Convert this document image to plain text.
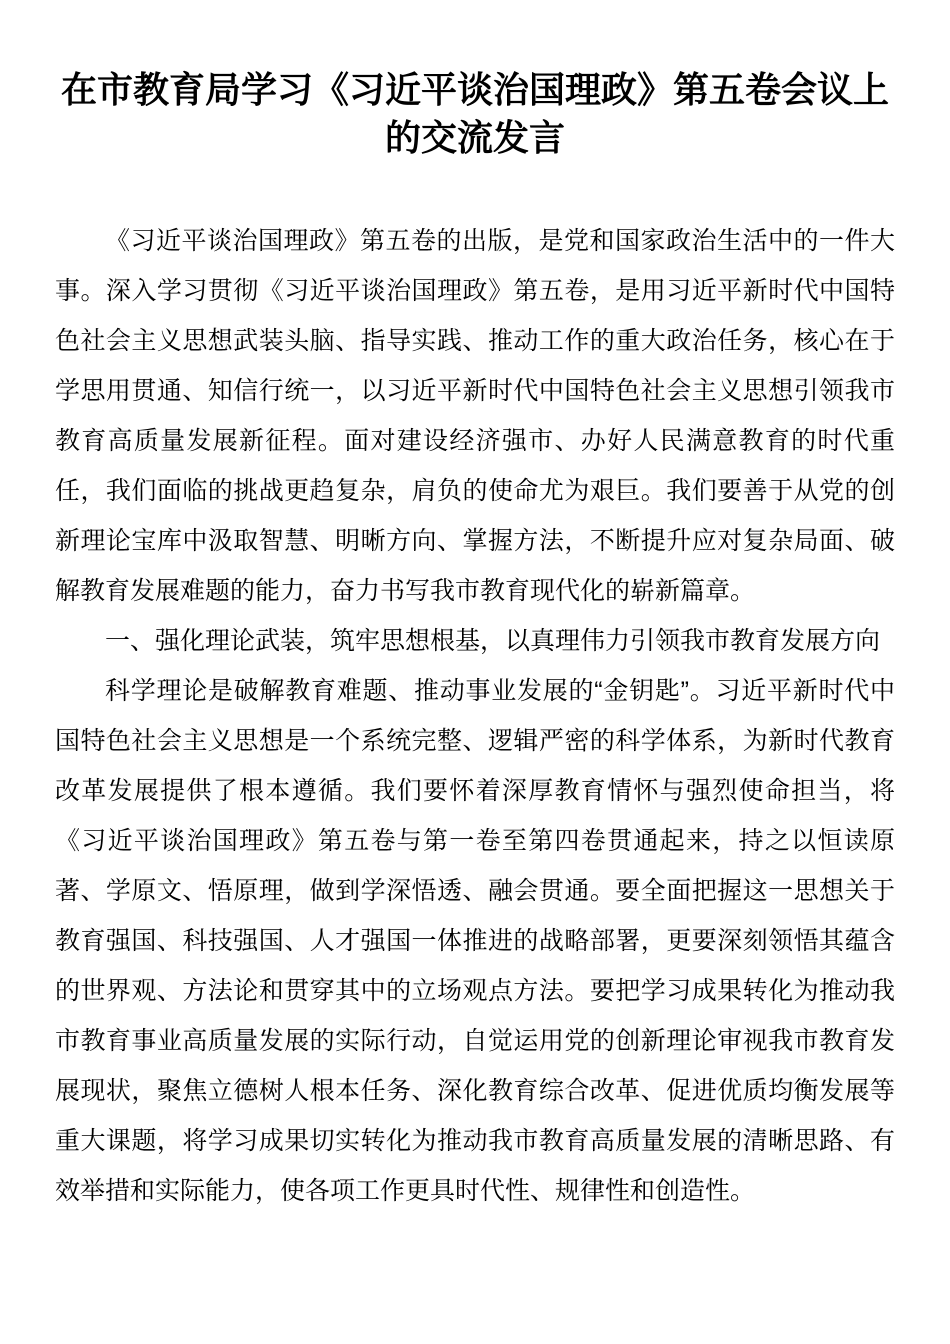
在市教育局学习《习近平谈治国理政》第五卷会议上的交流发言

《习近平谈治国理政》第五卷的出版，是党和国家政治生活中的一件大事。深入学习贯彻《习近平谈治国理政》第五卷，是用习近平新时代中国特色社会主义思想武装头脑、指导实践、推动工作的重大政治任务，核心在于学思用贯通、知信行统一，以习近平新时代中国特色社会主义思想引领我市教育高质量发展新征程。面对建设经济强市、办好人民满意教育的时代重任，我们面临的挑战更趋复杂，肩负的使命尤为艰巨。我们要善于从党的创新理论宝库中汲取智慧、明晰方向、掌握方法，不断提升应对复杂局面、破解教育发展难题的能力，奋力书写我市教育现代化的崭新篇章。

一、强化理论武装，筑牢思想根基，以真理伟力引领我市教育发展方向

科学理论是破解教育难题、推动事业发展的“金钥匙”。习近平新时代中国特色社会主义思想是一个系统完整、逻辑严密的科学体系，为新时代教育改革发展提供了根本遵循。我们要怀着深厚教育情怀与强烈使命担当，将《习近平谈治国理政》第五卷与第一卷至第四卷贯通起来，持之以恒读原著、学原文、悟原理，做到学深悟透、融会贯通。要全面把握这一思想关于教育强国、科技强国、人才强国一体推进的战略部署，更要深刻领悟其蕴含的世界观、方法论和贯穿其中的立场观点方法。要把学习成果转化为推动我市教育事业高质量发展的实际行动，自觉运用党的创新理论审视我市教育发展现状，聚焦立德树人根本任务、深化教育综合改革、促进优质均衡发展等重大课题，将学习成果切实转化为推动我市教育高质量发展的清晰思路、有效举措和实际能力，使各项工作更具时代性、规律性和创造性。
